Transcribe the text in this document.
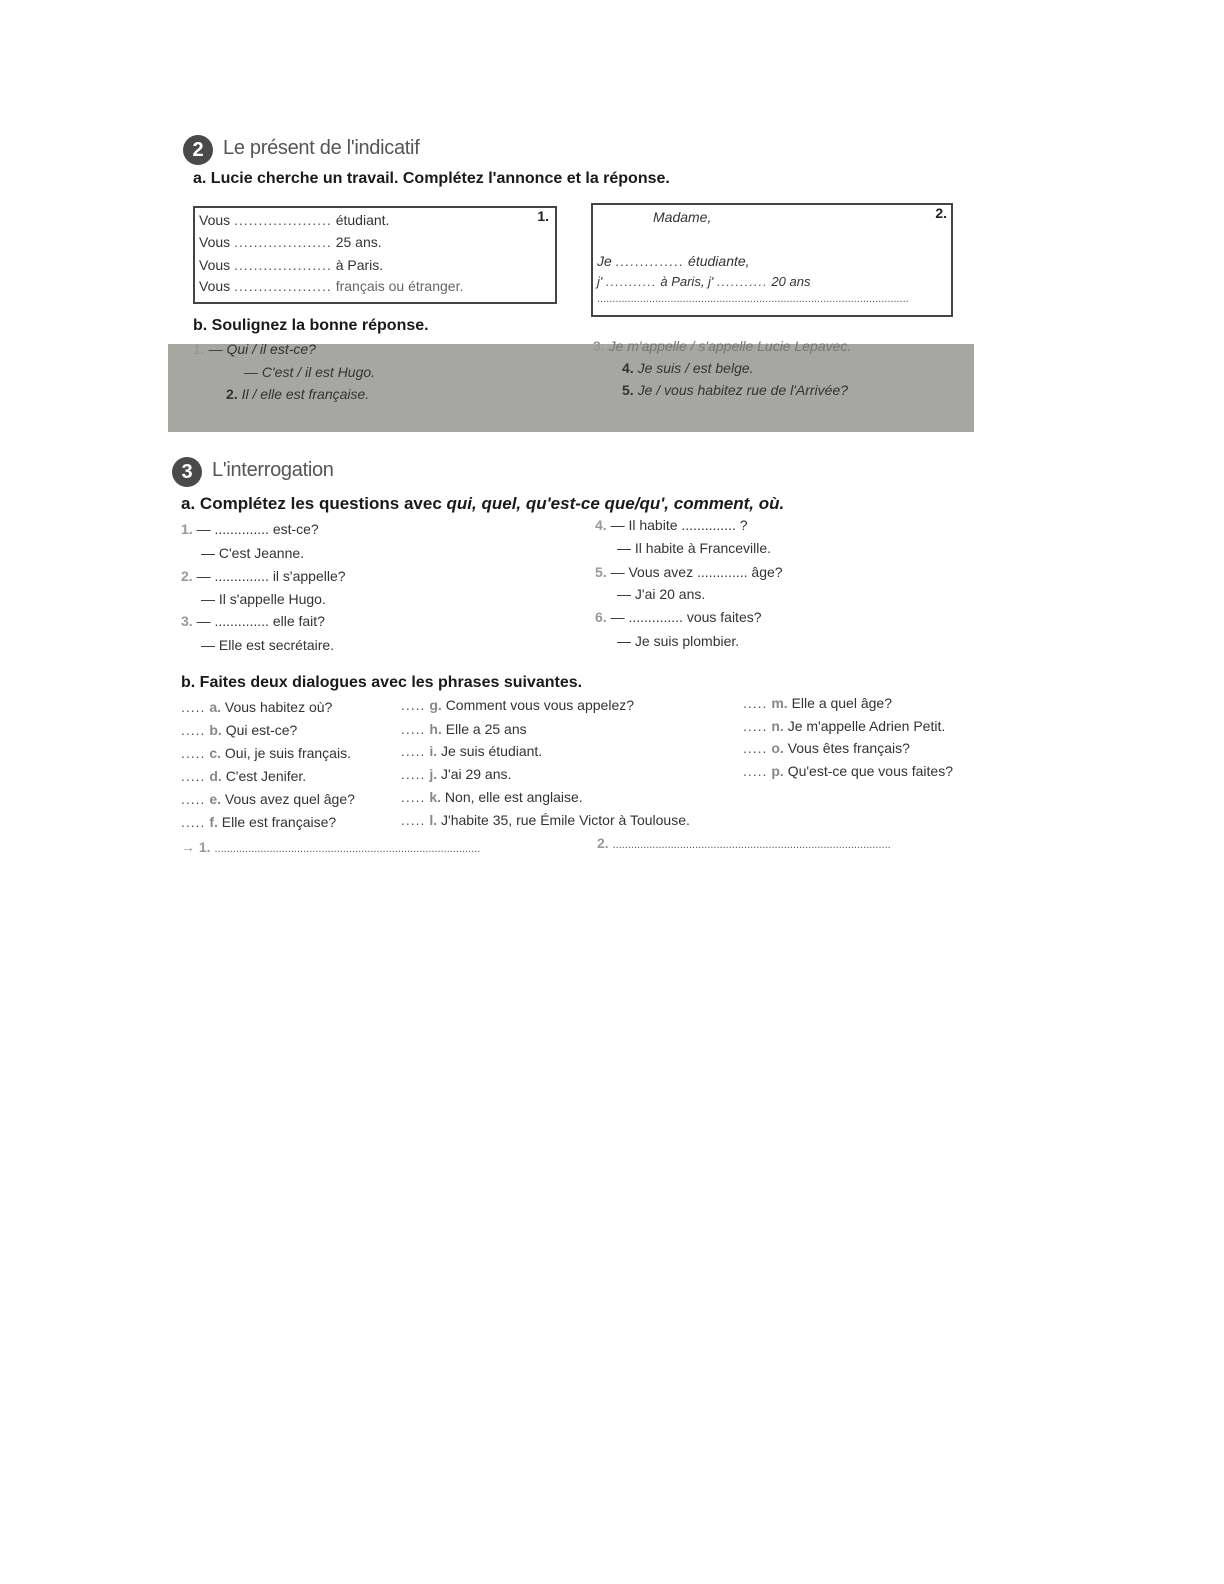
2 Le présent de l'indicatif
a. Lucie cherche un travail. Complétez l'annonce et la réponse.
1.
Vous .................... étudiant.
Vous .................... 25 ans.
Vous .................... à Paris.
Vous .................... français ou étranger.
2.
Madame,
Je .............. étudiante,
j' ........... à Paris, j' ........... 20 ans
......................................................................................................
b. Soulignez la bonne réponse.
1. — Qui / il est-ce?
— C'est / il est Hugo.
2. Il / elle est française.
3. Je m'appelle / s'appelle Lucie Lepavec.
4. Je suis / est belge.
5. Je / vous habitez rue de l'Arrivée?
3 L'interrogation
a. Complétez les questions avec qui, quel, qu'est-ce que/qu', comment, où.
1. — .............. est-ce?
— C'est Jeanne.
2. — .............. il s'appelle?
— Il s'appelle Hugo.
3. — .............. elle fait?
— Elle est secrétaire.
4. — Il habite .............. ?
— Il habite à Franceville.
5. — Vous avez ............. âge?
— J'ai 20 ans.
6. — .............. vous faites?
— Je suis plombier.
b. Faites deux dialogues avec les phrases suivantes.
..... a. Vous habitez où?
..... b. Qui est-ce?
..... c. Oui, je suis français.
..... d. C'est Jenifer.
..... e. Vous avez quel âge?
..... f. Elle est française?
..... g. Comment vous vous appelez?
..... h. Elle a 25 ans
..... i. Je suis étudiant.
..... j. J'ai 29 ans.
..... k. Non, elle est anglaise.
..... l. J'habite 35, rue Émile Victor à Toulouse.
..... m. Elle a quel âge?
..... n. Je m'appelle Adrien Petit.
..... o. Vous êtes français?
..... p. Qu'est-ce que vous faites?
→ 1. .......................................................................................	2. ...........................................................................................
